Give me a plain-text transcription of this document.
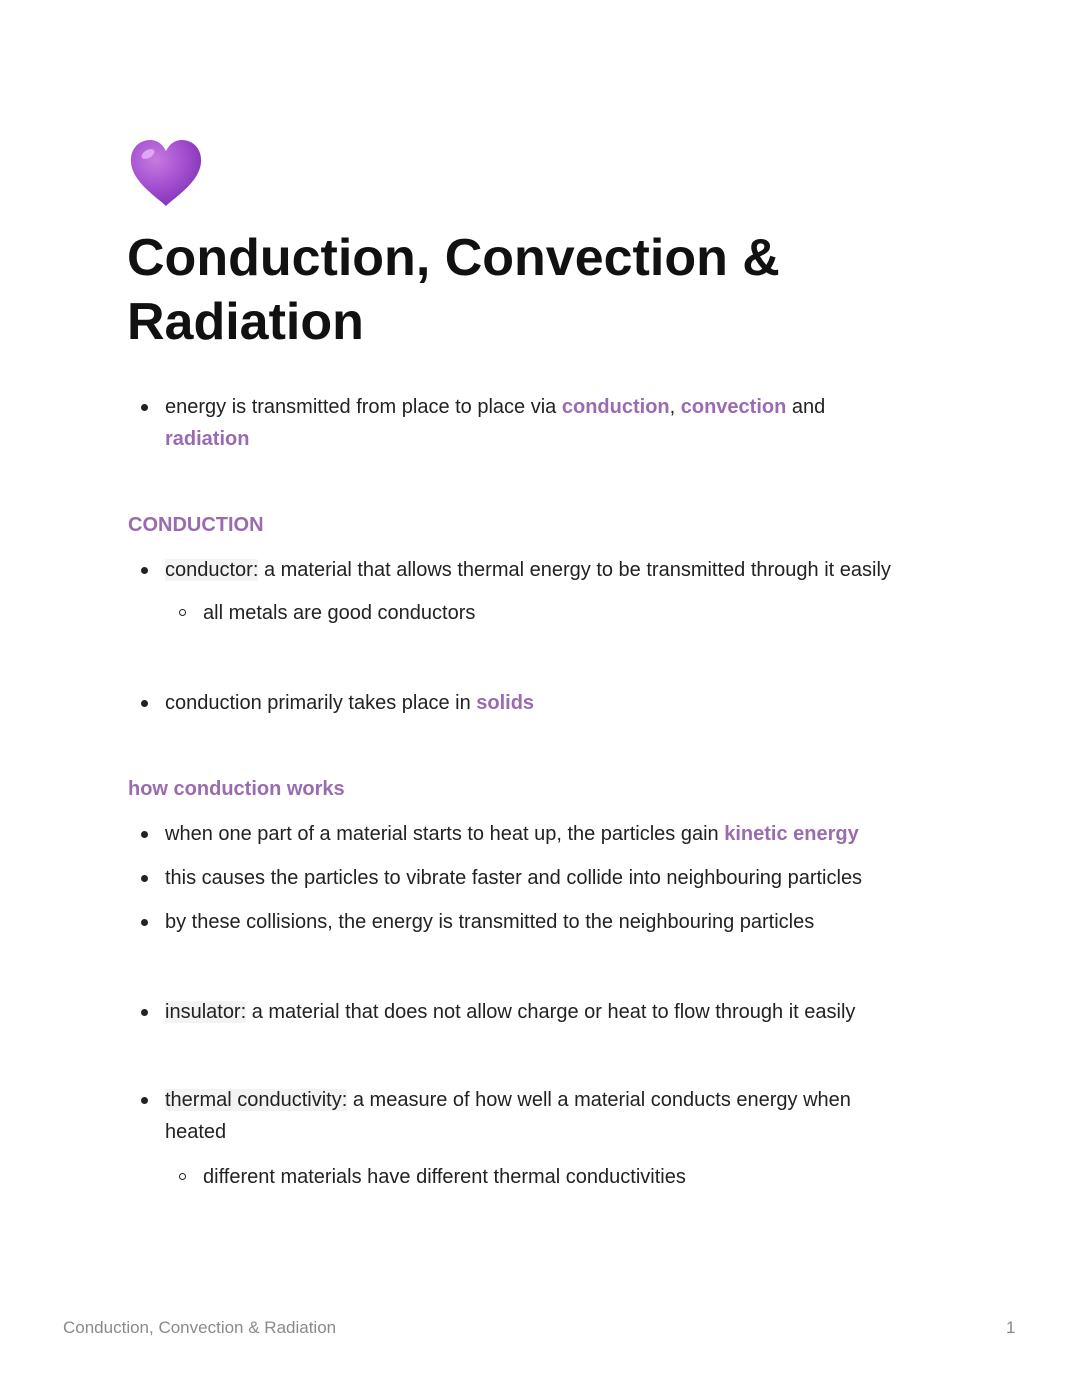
Conduction, Convection & Radiation
energy is transmitted from place to place via conduction, convection and
radiation
CONDUCTION
conductor: a material that allows thermal energy to be transmitted through it easily
all metals are good conductors
conduction primarily takes place in solids
how conduction works
when one part of a material starts to heat up, the particles gain kinetic energy
this causes the particles to vibrate faster and collide into neighbouring particles
by these collisions, the energy is transmitted to the neighbouring particles
insulator: a material that does not allow charge or heat to flow through it easily
thermal conductivity: a measure of how well a material conducts energy when
heated
different materials have different thermal conductivities
Conduction, Convection & Radiation	1
